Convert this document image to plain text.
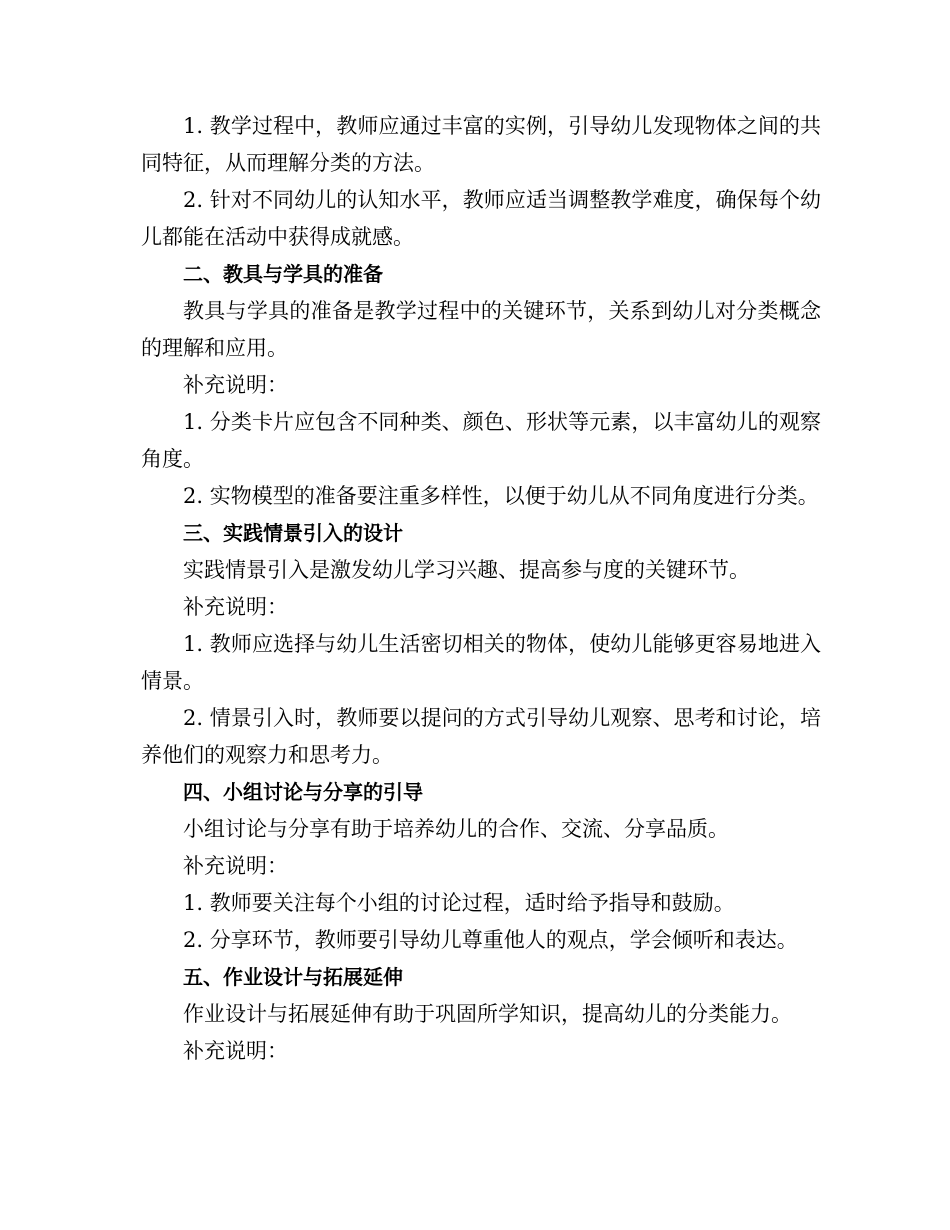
1. 教学过程中，教师应通过丰富的实例，引导幼儿发现物体之间的共同特征，从而理解分类的方法。

2. 针对不同幼儿的认知水平，教师应适当调整教学难度，确保每个幼儿都能在活动中获得成就感。

二、教具与学具的准备

教具与学具的准备是教学过程中的关键环节，关系到幼儿对分类概念的理解和应用。

补充说明：

1. 分类卡片应包含不同种类、颜色、形状等元素，以丰富幼儿的观察角度。

2. 实物模型的准备要注重多样性，以便于幼儿从不同角度进行分类。

三、实践情景引入的设计

实践情景引入是激发幼儿学习兴趣、提高参与度的关键环节。

补充说明：

1. 教师应选择与幼儿生活密切相关的物体，使幼儿能够更容易地进入情景。

2. 情景引入时，教师要以提问的方式引导幼儿观察、思考和讨论，培养他们的观察力和思考力。

四、小组讨论与分享的引导

小组讨论与分享有助于培养幼儿的合作、交流、分享品质。

补充说明：

1. 教师要关注每个小组的讨论过程，适时给予指导和鼓励。

2. 分享环节，教师要引导幼儿尊重他人的观点，学会倾听和表达。

五、作业设计与拓展延伸

作业设计与拓展延伸有助于巩固所学知识，提高幼儿的分类能力。

补充说明：
